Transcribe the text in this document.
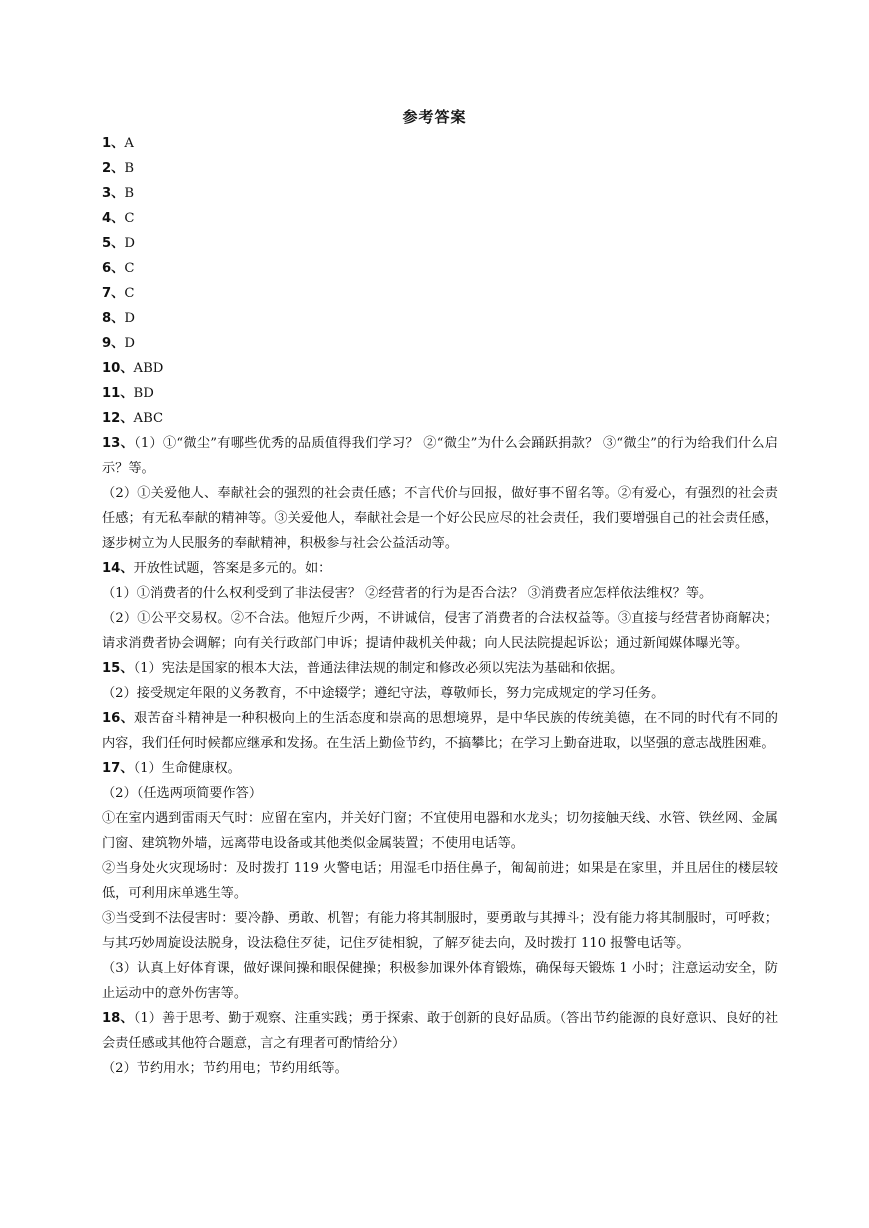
参考答案
1、A
2、B
3、B
4、C
5、D
6、C
7、C
8、D
9、D
10、ABD
11、BD
12、ABC
13、（1）①“微尘”有哪些优秀的品质值得我们学习？ ②“微尘”为什么会踊跃捐款？ ③“微尘”的行为给我们什么启示？等。
（2）①关爱他人、奉献社会的强烈的社会责任感；不言代价与回报，做好事不留名等。②有爱心，有强烈的社会责任感；有无私奉献的精神等。③关爱他人，奉献社会是一个好公民应尽的社会责任，我们要增强自己的社会责任感，逐步树立为人民服务的奉献精神，积极参与社会公益活动等。
14、开放性试题，答案是多元的。如：
（1）①消费者的什么权利受到了非法侵害？ ②经营者的行为是否合法？ ③消费者应怎样依法维权？等。
（2）①公平交易权。②不合法。他短斤少两，不讲诚信，侵害了消费者的合法权益等。③直接与经营者协商解决；请求消费者协会调解；向有关行政部门申诉；提请仲裁机关仲裁；向人民法院提起诉讼；通过新闻媒体曝光等。
15、（1）宪法是国家的根本大法，普通法律法规的制定和修改必须以宪法为基础和依据。
（2）接受规定年限的义务教育，不中途辍学；遵纪守法，尊敬师长，努力完成规定的学习任务。
16、艰苦奋斗精神是一种积极向上的生活态度和崇高的思想境界，是中华民族的传统美德，在不同的时代有不同的内容，我们任何时候都应继承和发扬。在生活上勤俭节约，不搞攀比；在学习上勤奋进取，以坚强的意志战胜困难。
17、（1）生命健康权。
（2）（任选两项简要作答）
①在室内遇到雷雨天气时：应留在室内，并关好门窗；不宜使用电器和水龙头；切勿接触天线、水管、铁丝网、金属门窗、建筑物外墙，远离带电设备或其他类似金属装置；不使用电话等。
②当身处火灾现场时：及时拨打 119 火警电话；用湿毛巾捂住鼻子，匍匐前进；如果是在家里，并且居住的楼层较低，可利用床单逃生等。
③当受到不法侵害时：要冷静、勇敢、机智；有能力将其制服时，要勇敢与其搏斗；没有能力将其制服时，可呼救；与其巧妙周旋设法脱身，设法稳住歹徒，记住歹徒相貌，了解歹徒去向，及时拨打 110 报警电话等。
（3）认真上好体育课，做好课间操和眼保健操；积极参加课外体育锻炼，确保每天锻炼 1 小时；注意运动安全，防止运动中的意外伤害等。
18、（1）善于思考、勤于观察、注重实践；勇于探索、敢于创新的良好品质。（答出节约能源的良好意识、良好的社会责任感或其他符合题意，言之有理者可酌情给分）
（2）节约用水；节约用电；节约用纸等。
